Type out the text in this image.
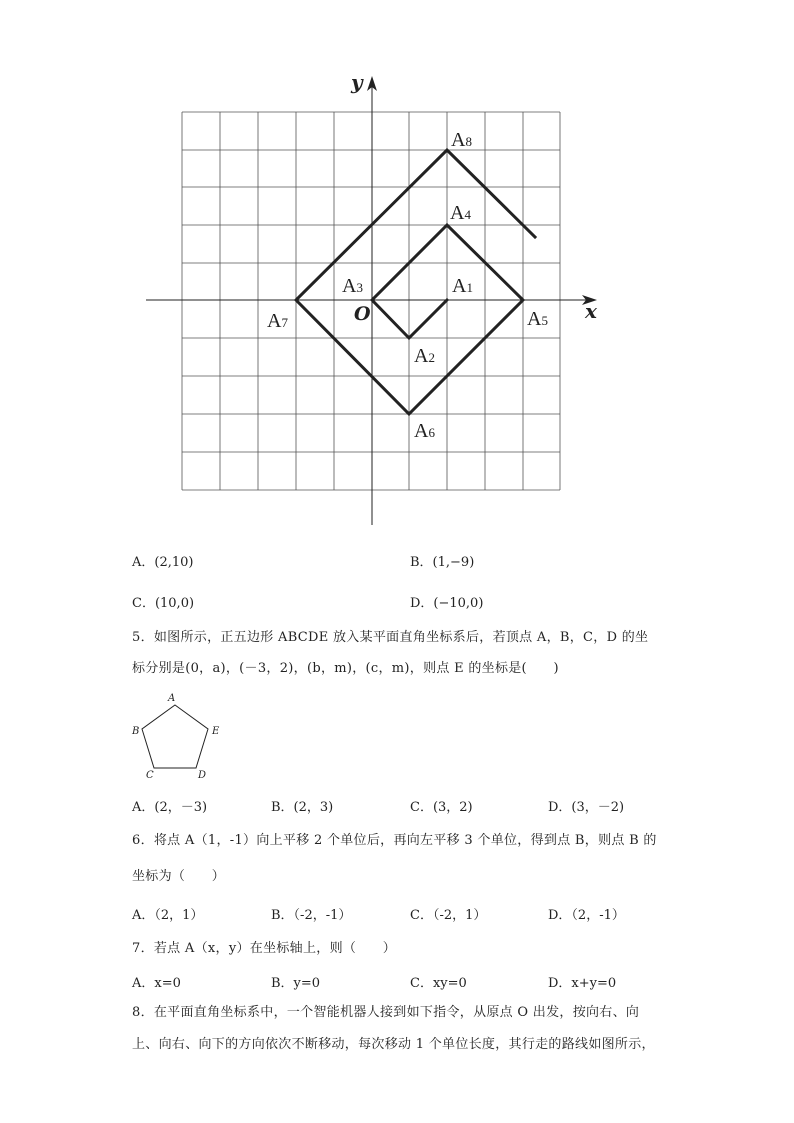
y
x
O
A8
A4
A3	A1
A7	A5
A2
A6
A．(2,10)	B．(1,−9)
C．(10,0)	D．(−10,0)
5．如图所示，正五边形 ABCDE 放入某平面直角坐标系后，若顶点 A，B，C，D 的坐
标分别是(0，a)，(－3，2)，(b，m)，(c，m)，则点 E 的坐标是(　　)
A
B	E
C	D
A．(2，－3)	B．(2，3)	C．(3，2)	D．(3，－2)
6．将点 A（1，-1）向上平移 2 个单位后，再向左平移 3 个单位，得到点 B，则点 B 的
坐标为（　　）
A．（2，1）	B．（-2，-1）	C．（-2，1）	D．（2，-1）
7．若点 A（x，y）在坐标轴上，则（　　）
A．x=0	B．y=0	C．xy=0	D．x+y=0
8．在平面直角坐标系中，一个智能机器人接到如下指令，从原点 O 出发，按向右、向
上、向右、向下的方向依次不断移动，每次移动 1 个单位长度，其行走的路线如图所示，
